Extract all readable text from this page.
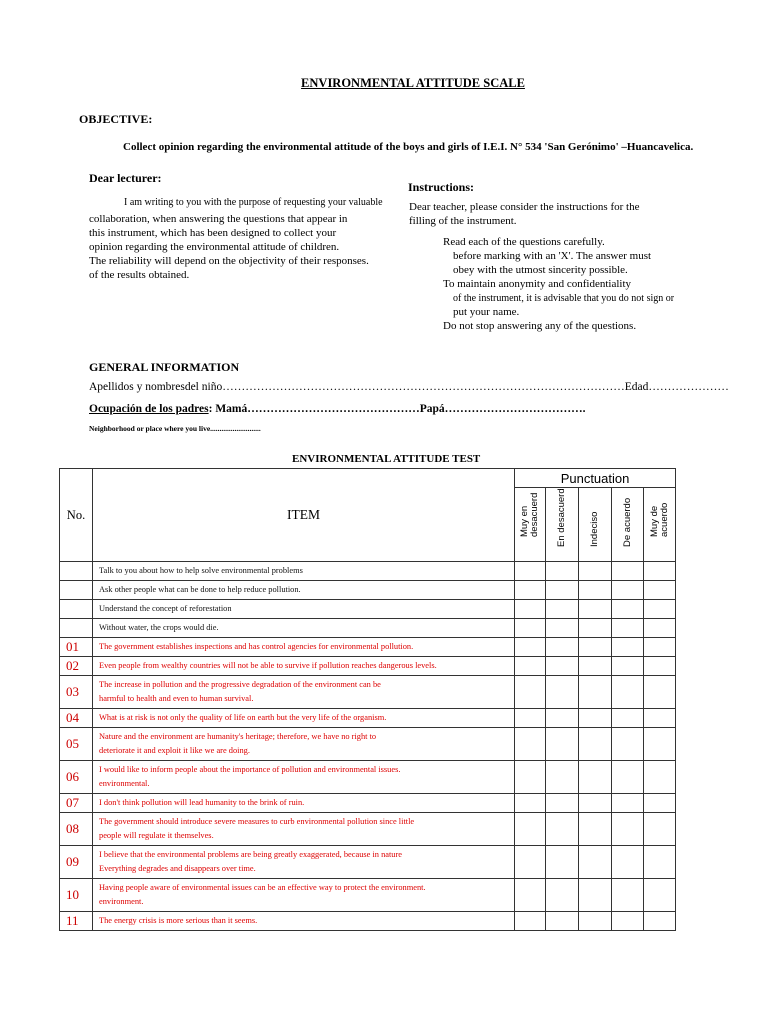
ENVIRONMENTAL ATTITUDE SCALE
OBJECTIVE:
Collect opinion regarding the environmental attitude of the boys and girls of I.E.I. N° 534 'San Gerónimo' –Huancavelica.
Dear lecturer:
I am writing to you with the purpose of requesting your valuable
collaboration, when answering the questions that appear in
this instrument, which has been designed to collect your
opinion regarding the environmental attitude of children.
The reliability will depend on the objectivity of their responses.
of the results obtained.
Instructions:
Dear teacher, please consider the instructions for the
filling of the instrument.
Read each of the questions carefully.
before marking with an 'X'. The answer must
obey with the utmost sincerity possible.
To maintain anonymity and confidentiality
of the instrument, it is advisable that you do not sign or
put your name.
Do not stop answering any of the questions.
GENERAL INFORMATION
Apellidos y nombresdel niño……………………………………………………………………………………………Edad…………………
Ocupación de los padres: Mamá………………………………………Papá……………………………….
Neighborhood or place where you live...........................
ENVIRONMENTAL ATTITUDE TEST
No.	ITEM	Punctuation				

		Muy en desacuerd	En desacuerd	Indeciso	De acuerdo	Muy de acuerdo

	Talk to you about how to help solve environmental problems					

	Ask other people what can be done to help reduce pollution.					

	Understand the concept of reforestation					

	Without water, the crops would die.					

01	The government establishes inspections and has control agencies for environmental pollution.					

02	Even people from wealthy countries will not be able to survive if pollution reaches dangerous levels.					

03	The increase in pollution and the progressive degradation of the environment can be
harmful to health and even to human survival.					

04	What is at risk is not only the quality of life on earth but the very life of the organism.					

05	Nature and the environment are humanity's heritage; therefore, we have no right to
deteriorate it and exploit it like we are doing.					

06	I would like to inform people about the importance of pollution and environmental issues.
environmental.					

07	I don't think pollution will lead humanity to the brink of ruin.					

08	The government should introduce severe measures to curb environmental pollution since little
people will regulate it themselves.					

09	I believe that the environmental problems are being greatly exaggerated, because in nature
Everything degrades and disappears over time.					

10	Having people aware of environmental issues can be an effective way to protect the environment.
environment.					

11	The energy crisis is more serious than it seems.					
